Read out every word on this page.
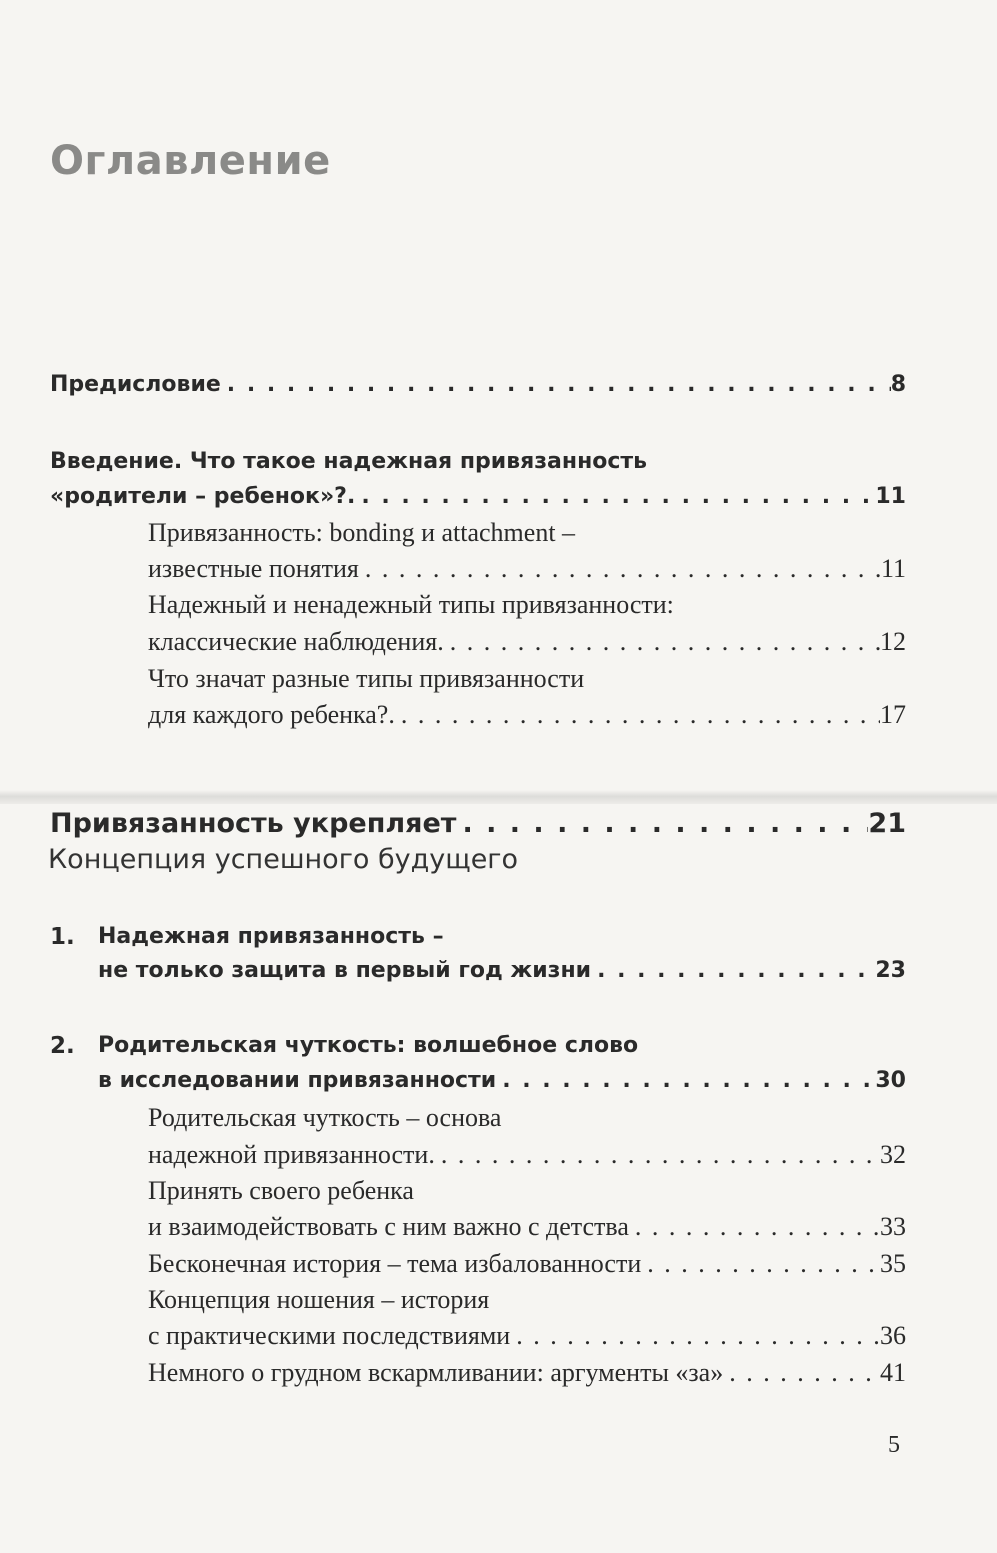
Оглавление
Предисловие . . .	8
Введение. Что такое надежная привязанность
«родители – ребенок»?. . . .	11
Привязанность: bonding и attachment –
известные понятия . . .	11
Надежный и ненадежный типы привязанности:
классические наблюдения. . . .	12
Что значат разные типы привязанности
для каждого ребенка?. . . .	17
Привязанность укрепляет . . .	21
Концепция успешного будущего
1. Надежная привязанность –
не только защита в первый год жизни . . .	23
2. Родительская чуткость: волшебное слово
в исследовании привязанности . . .	30
Родительская чуткость – основа
надежной привязанности. . . .	32
Принять своего ребенка
и взаимодействовать с ним важно с детства . . .	33
Бесконечная история – тема избалованности . . .	35
Концепция ношения – история
с практическими последствиями . . .	36
Немного о грудном вскармливании: аргументы «за» . . .	41
5
